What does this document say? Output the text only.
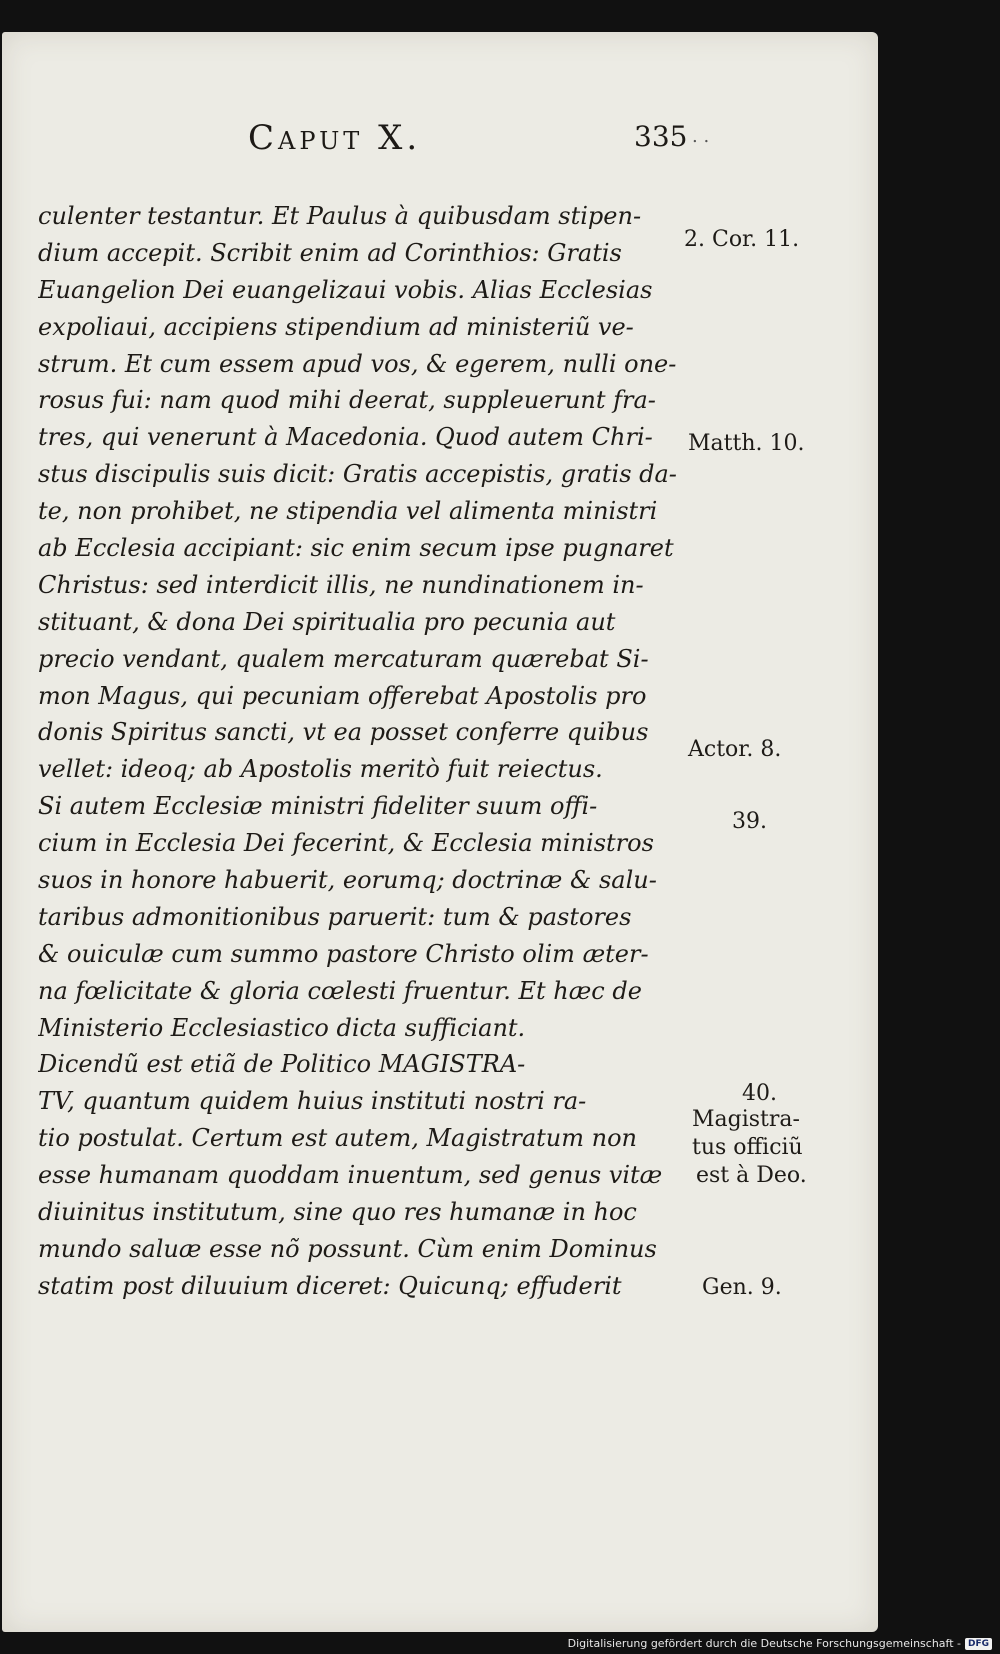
Caput X.	335 . .
culenter testantur. Et Paulus à quibusdam stipen-
dium accepit. Scribit enim ad Corinthios: Gratis
Euangelion Dei euangelizaui vobis. Alias Ecclesias
expoliaui, accipiens stipendium ad ministeriũ ve-
strum. Et cum essem apud vos, & egerem, nulli one-
rosus fui: nam quod mihi deerat, suppleuerunt fra-
tres, qui venerunt à Macedonia. Quod autem Chri-
stus discipulis suis dicit: Gratis accepistis, gratis da-
te, non prohibet, ne stipendia vel alimenta ministri
ab Ecclesia accipiant: sic enim secum ipse pugnaret
Christus: sed interdicit illis, ne nundinationem in-
stituant, & dona Dei spiritualia pro pecunia aut
precio vendant, qualem mercaturam quærebat Si-
mon Magus, qui pecuniam offerebat Apostolis pro
donis Spiritus sancti, vt ea posset conferre quibus
vellet: ideoq; ab Apostolis meritò fuit reiectus.
Si autem Ecclesiæ ministri fideliter suum offi-
cium in Ecclesia Dei fecerint, & Ecclesia ministros
suos in honore habuerit, eorumq; doctrinæ & salu-
taribus admonitionibus paruerit: tum & pastores
& ouiculæ cum summo pastore Christo olim æter-
na fœlicitate & gloria cœlesti fruentur. Et hæc de
Ministerio Ecclesiastico dicta sufficiant.
Dicendũ est etiã de Politico MAGISTRA-
TV, quantum quidem huius instituti nostri ra-
tio postulat. Certum est autem, Magistratum non
esse humanam quoddam inuentum, sed genus vitæ
diuinitus institutum, sine quo res humanæ in hoc
mundo saluæ esse nõ possunt. Cùm enim Dominus
statim post diluuium diceret: Quicunq; effuderit
2. Cor. 11.
Matth. 10.
Actor. 8.
39.
40.
Magistra-
tus officiũ
est à Deo.
Gen. 9.
Digitalisierung gefördert durch die Deutsche Forschungsgemeinschaft - DFG
